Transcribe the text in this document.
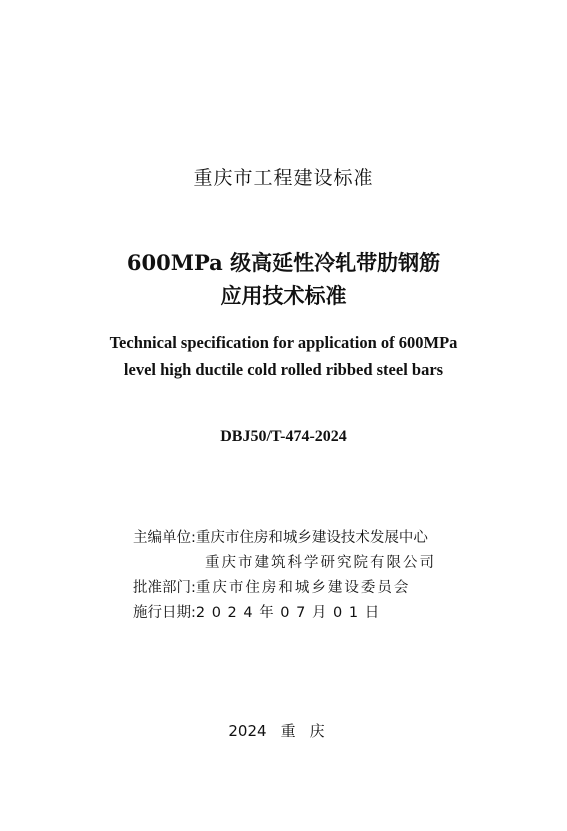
重庆市工程建设标准
600MPa 级高延性冷轧带肋钢筋
应用技术标准
Technical specification for application of 600MPa
level high ductile cold rolled ribbed steel bars
DBJ50/T-474-2024
主编单位:重庆市住房和城乡建设技术发展中心
重庆市建筑科学研究院有限公司
批准部门:重庆市住房和城乡建设委员会
施行日期:2024年07月01日
2024 重庆
